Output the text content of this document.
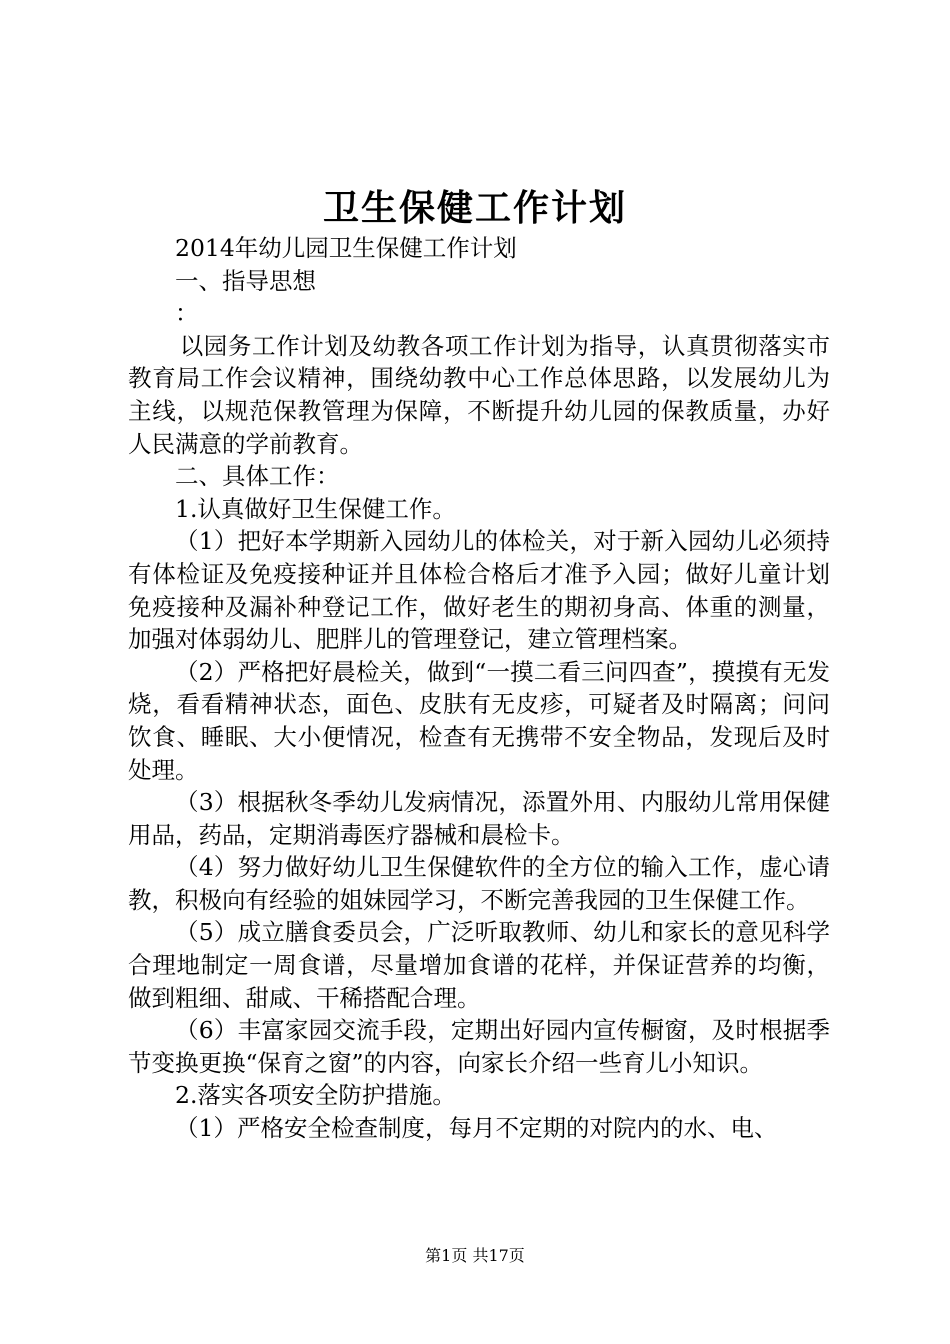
卫生保健工作计划

2014年幼儿园卫生保健工作计划

一、指导思想

：

以园务工作计划及幼教各项工作计划为指导，认真贯彻落实市教育局工作会议精神，围绕幼教中心工作总体思路，以发展幼儿为主线，以规范保教管理为保障，不断提升幼儿园的保教质量，办好人民满意的学前教育。

二、具体工作：

1.认真做好卫生保健工作。

（1）把好本学期新入园幼儿的体检关，对于新入园幼儿必须持有体检证及免疫接种证并且体检合格后才准予入园；做好儿童计划免疫接种及漏补种登记工作，做好老生的期初身高、体重的测量，加强对体弱幼儿、肥胖儿的管理登记，建立管理档案。

（2）严格把好晨检关，做到“一摸二看三问四查”，摸摸有无发烧，看看精神状态，面色、皮肤有无皮疹，可疑者及时隔离；问问饮食、睡眠、大小便情况，检查有无携带不安全物品，发现后及时处理。

（3）根据秋冬季幼儿发病情况，添置外用、内服幼儿常用保健用品，药品，定期消毒医疗器械和晨检卡。

（4）努力做好幼儿卫生保健软件的全方位的输入工作，虚心请教，积极向有经验的姐妹园学习，不断完善我园的卫生保健工作。

（5）成立膳食委员会，广泛听取教师、幼儿和家长的意见科学合理地制定一周食谱，尽量增加食谱的花样，并保证营养的均衡，做到粗细、甜咸、干稀搭配合理。

（6）丰富家园交流手段，定期出好园内宣传橱窗，及时根据季节变换更换“保育之窗”的内容，向家长介绍一些育儿小知识。

2.落实各项安全防护措施。

（1）严格安全检查制度，每月不定期的对院内的水、电、

第1页 共17页
